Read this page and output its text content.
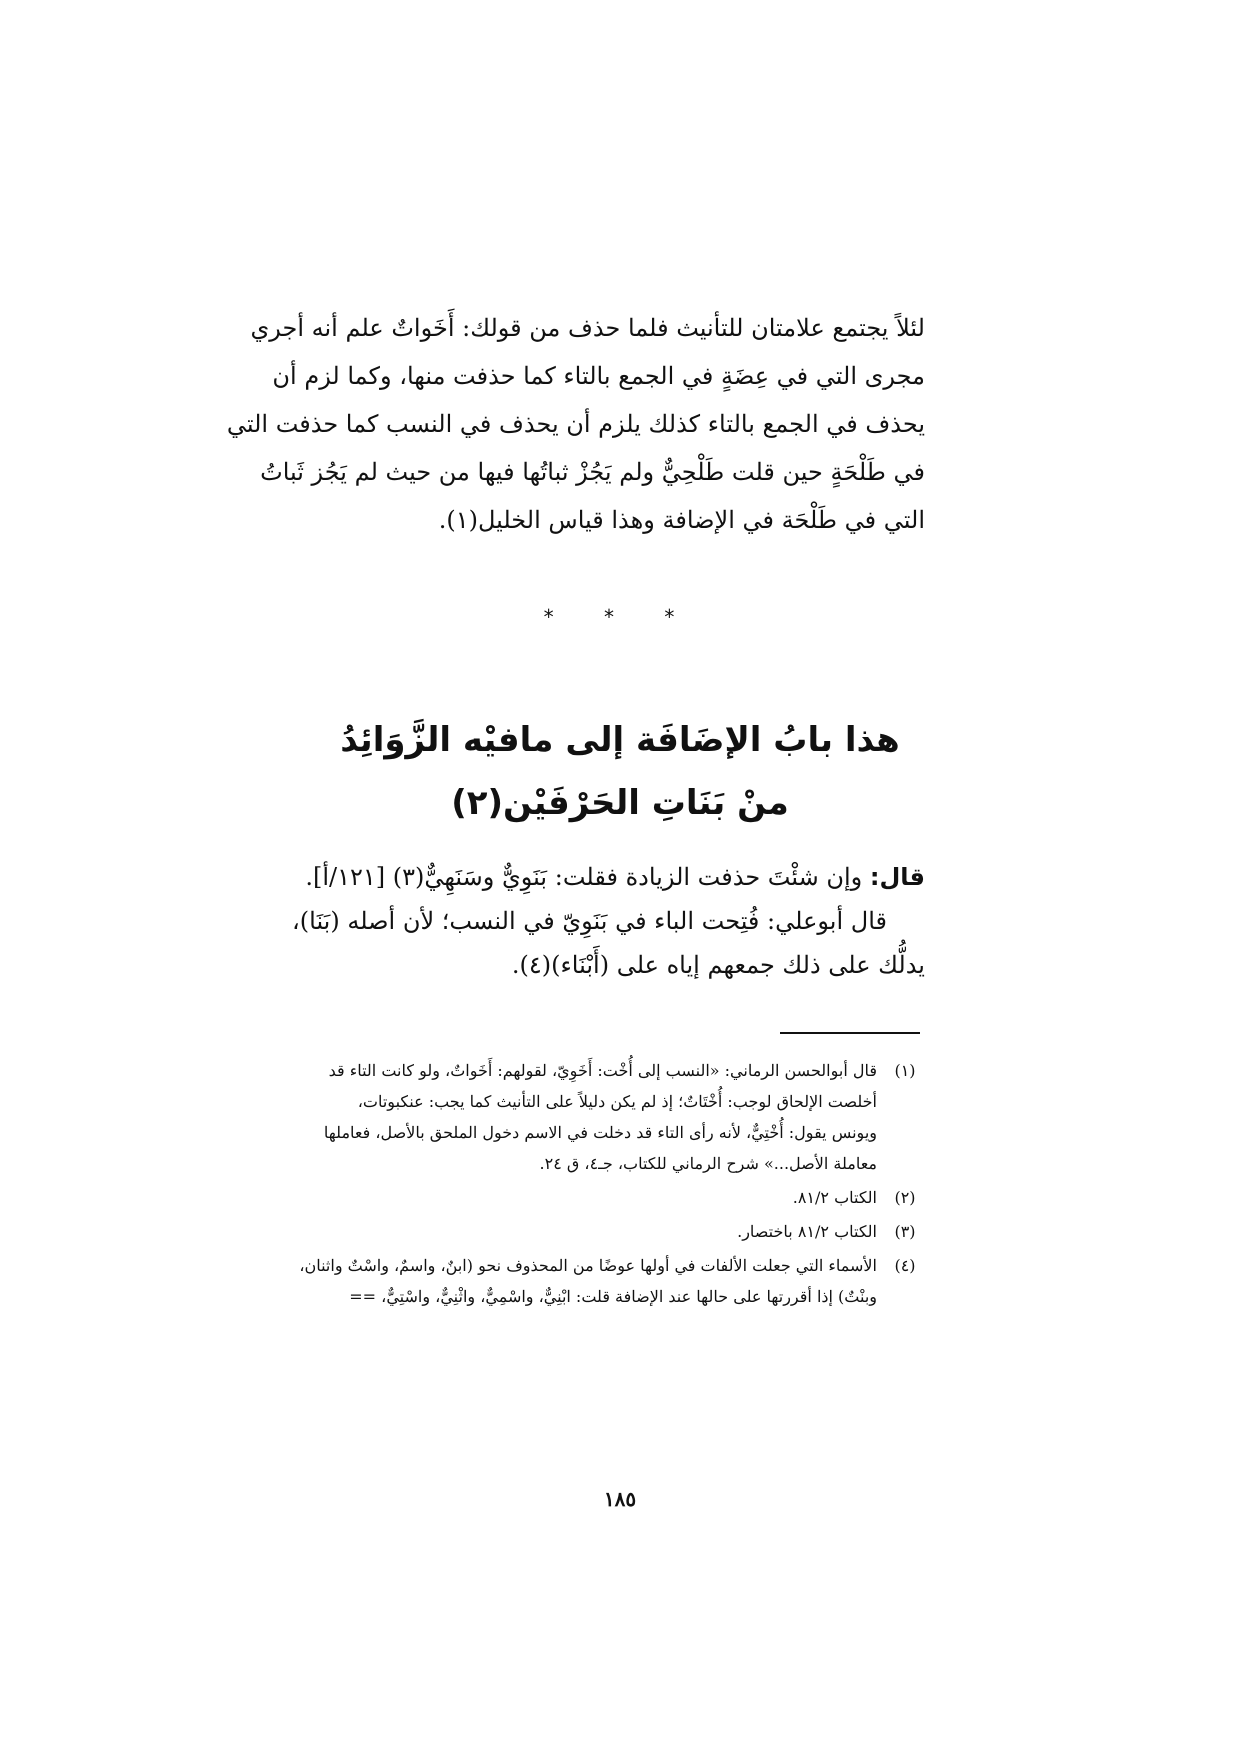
لئلاً يجتمع علامتان للتأنيث فلما حذف من قولك: أَخَواتٌ علم أنه أجري
مجرى التي في عِضَةٍ في الجمع بالتاء كما حذفت منها، وكما لزم أن
يحذف في الجمع بالتاء كذلك يلزم أن يحذف في النسب كما حذفت التي
في طَلْحَةٍ حين قلت طَلْحِيٌّ ولم يَجُزْ ثباتُها فيها من حيث لم يَجُز ثَباتُ
التي في طَلْحَة في الإضافة وهذا قياس الخليل(١).
* * *
هذا بابُ الإضَافَة إلى مافيْه الزَّوَائِدُ
منْ بَنَاتِ الحَرْفَيْن(٢)
قال: وإن شئْتَ حذفت الزيادة فقلت: بَنَوِيٌّ وسَنَهِيٌّ(٣) [١٢١/أ].
قال أبوعلي: فُتِحت الباء في بَنَوِيّ في النسب؛ لأن أصله (بَنَا)،
يدلُّك على ذلك جمعهم إياه على (أَبْنَاء)(٤).
(١)
قال أبوالحسن الرماني: «النسب إلى أُخْت: أَخَوِيّ، لقولهم: أَخَواتٌ، ولو كانت التاء قد
أخلصت الإلحاق لوجب: أُخْتَاتٌ؛ إذ لم يكن دليلاً على التأنيث كما يجب: عنكبوتات،
ويونس يقول: أُخْتِيٌّ، لأنه رأى التاء قد دخلت في الاسم دخول الملحق بالأصل، فعاملها
معاملة الأصل...» شرح الرماني للكتاب، جـ٤، ق ٢٤.
(٢)
الكتاب ٨١/٢.
(٣)
الكتاب ٨١/٢ باختصار.
(٤)
الأسماء التي جعلت الألفات في أولها عوضًا من المحذوف نحو (ابنٌ، واسمٌ، واسْتٌ واثنان،
وبنْتٌ) إذا أقررتها على حالها عند الإضافة قلت: ابْنِيٌّ، واسْمِيٌّ، واثْنِيٌّ، واسْتِيٌّ، ==
١٨٥
